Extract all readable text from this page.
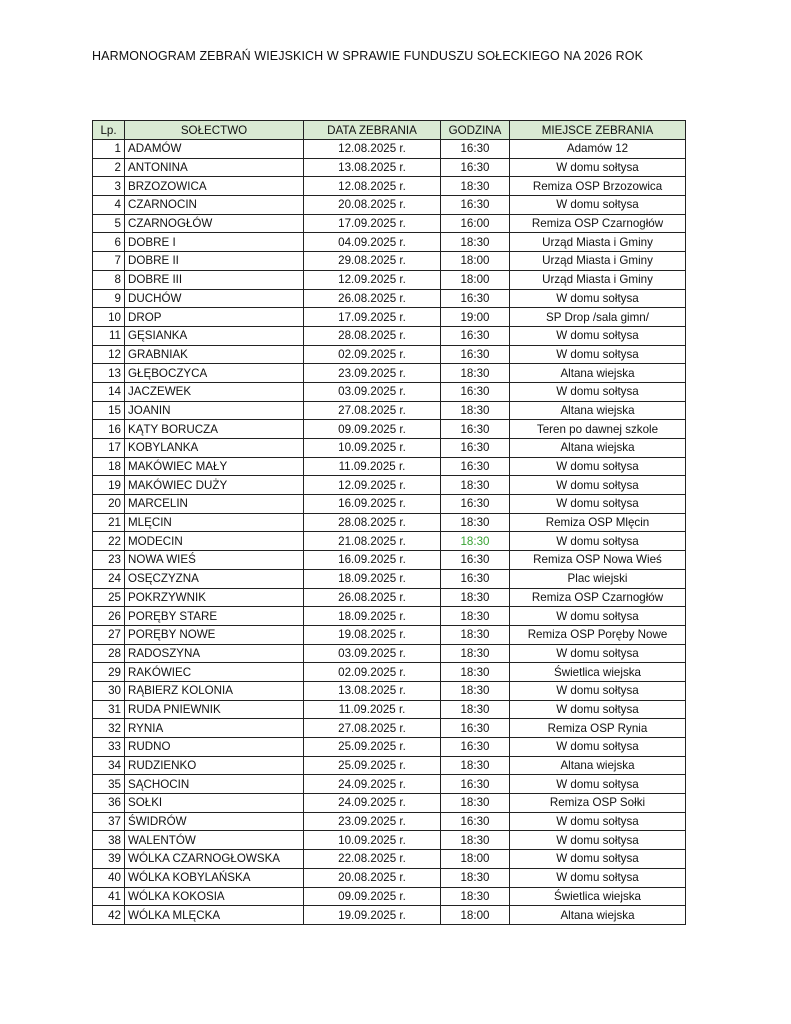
HARMONOGRAM ZEBRAŃ WIEJSKICH W SPRAWIE FUNDUSZU SOŁECKIEGO NA 2026 ROK
Lp.	SOŁECTWO	DATA ZEBRANIA	GODZINA	MIEJSCE ZEBRANIA
1	ADAMÓW	12.08.2025 r.	16:30	Adamów 12
2	ANTONINA	13.08.2025 r.	16:30	W domu sołtysa
3	BRZOZOWICA	12.08.2025 r.	18:30	Remiza OSP Brzozowica
4	CZARNOCIN	20.08.2025 r.	16:30	W domu sołtysa
5	CZARNOGŁÓW	17.09.2025 r.	16:00	Remiza OSP Czarnogłów
6	DOBRE I	04.09.2025 r.	18:30	Urząd Miasta i Gminy
7	DOBRE II	29.08.2025 r.	18:00	Urząd Miasta i Gminy
8	DOBRE III	12.09.2025 r.	18:00	Urząd Miasta i Gminy
9	DUCHÓW	26.08.2025 r.	16:30	W domu sołtysa
10	DROP	17.09.2025 r.	19:00	SP Drop /sala gimn/
11	GĘSIANKA	28.08.2025 r.	16:30	W domu sołtysa
12	GRABNIAK	02.09.2025 r.	16:30	W domu sołtysa
13	GŁĘBOCZYCA	23.09.2025 r.	18:30	Altana wiejska
14	JACZEWEK	03.09.2025 r.	16:30	W domu sołtysa
15	JOANIN	27.08.2025 r.	18:30	Altana wiejska
16	KĄTY BORUCZA	09.09.2025 r.	16:30	Teren po dawnej szkole
17	KOBYLANKA	10.09.2025 r.	16:30	Altana wiejska
18	MAKÓWIEC MAŁY	11.09.2025 r.	16:30	W domu sołtysa
19	MAKÓWIEC DUŻY	12.09.2025 r.	18:30	W domu sołtysa
20	MARCELIN	16.09.2025 r.	16:30	W domu sołtysa
21	MLĘCIN	28.08.2025 r.	18:30	Remiza OSP Mlęcin
22	MODECIN	21.08.2025 r.	18:30	W domu sołtysa
23	NOWA WIEŚ	16.09.2025 r.	16:30	Remiza OSP Nowa Wieś
24	OSĘCZYZNA	18.09.2025 r.	16:30	Plac wiejski
25	POKRZYWNIK	26.08.2025 r.	18:30	Remiza OSP Czarnogłów
26	PORĘBY STARE	18.09.2025 r.	18:30	W domu sołtysa
27	PORĘBY NOWE	19.08.2025 r.	18:30	Remiza OSP Poręby Nowe
28	RADOSZYNA	03.09.2025 r.	18:30	W domu sołtysa
29	RAKÓWIEC	02.09.2025 r.	18:30	Świetlica wiejska
30	RĄBIERZ KOLONIA	13.08.2025 r.	18:30	W domu sołtysa
31	RUDA PNIEWNIK	11.09.2025 r.	18:30	W domu sołtysa
32	RYNIA	27.08.2025 r.	16:30	Remiza OSP Rynia
33	RUDNO	25.09.2025 r.	16:30	W domu sołtysa
34	RUDZIENKO	25.09.2025 r.	18:30	Altana wiejska
35	SĄCHOCIN	24.09.2025 r.	16:30	W domu sołtysa
36	SOŁKI	24.09.2025 r.	18:30	Remiza OSP Sołki
37	ŚWIDRÓW	23.09.2025 r.	16:30	W domu sołtysa
38	WALENTÓW	10.09.2025 r.	18:30	W domu sołtysa
39	WÓLKA CZARNOGŁOWSKA	22.08.2025 r.	18:00	W domu sołtysa
40	WÓLKA KOBYLAŃSKA	20.08.2025 r.	18:30	W domu sołtysa
41	WÓLKA KOKOSIA	09.09.2025 r.	18:30	Świetlica wiejska
42	WÓLKA MLĘCKA	19.09.2025 r.	18:00	Altana wiejska
